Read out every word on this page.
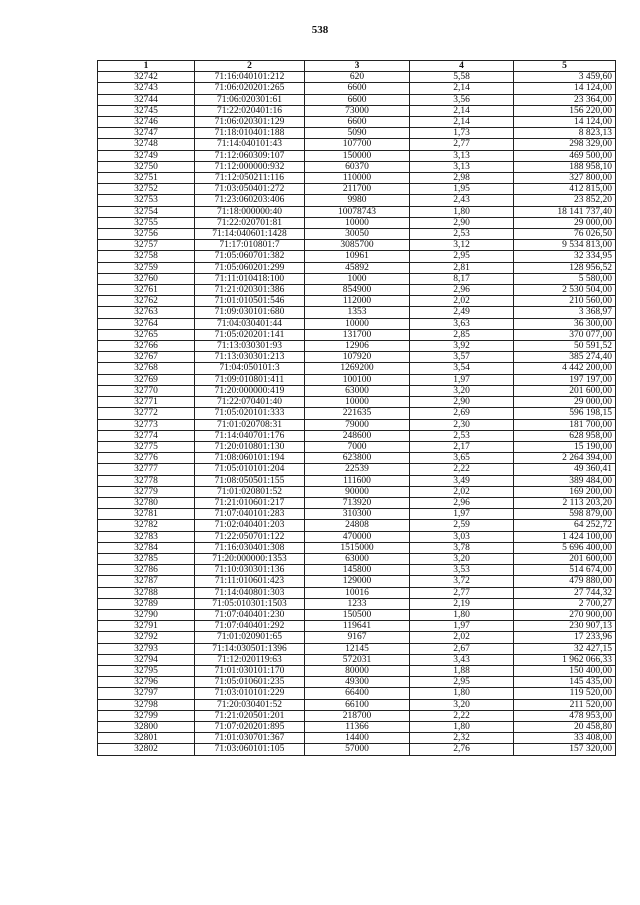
538
1	2	3	4	5
32742	71:16:040101:212	620	5,58	3 459,60
32743	71:06:020201:265	6600	2,14	14 124,00
32744	71:06:020301:61	6600	3,56	23 364,00
32745	71:22:020401:16	73000	2,14	156 220,00
32746	71:06:020301:129	6600	2,14	14 124,00
32747	71:18:010401:188	5090	1,73	8 823,13
32748	71:14:040101:43	107700	2,77	298 329,00
32749	71:12:060309:107	150000	3,13	469 500,00
32750	71:12:000000:932	60370	3,13	188 958,10
32751	71:12:050211:116	110000	2,98	327 800,00
32752	71:03:050401:272	211700	1,95	412 815,00
32753	71:23:060203:406	9980	2,43	23 852,20
32754	71:18:000000:40	10078743	1,80	18 141 737,40
32755	71:22:020701:81	10000	2,90	29 000,00
32756	71:14:040601:1428	30050	2,53	76 026,50
32757	71:17:010801:7	3085700	3,12	9 534 813,00
32758	71:05:060701:382	10961	2,95	32 334,95
32759	71:05:060201:299	45892	2,81	128 956,52
32760	71:11:010418:100	1000	8,17	5 580,00
32761	71:21:020301:386	854900	2,96	2 530 504,00
32762	71:01:010501:546	112000	2,02	210 560,00
32763	71:09:030101:680	1353	2,49	3 368,97
32764	71:04:030401:44	10000	3,63	36 300,00
32765	71:05:020201:141	131700	2,85	370 077,00
32766	71:13:030301:93	12906	3,92	50 591,52
32767	71:13:030301:213	107920	3,57	385 274,40
32768	71:04:050101:3	1269200	3,54	4 442 200,00
32769	71:09:010801:411	100100	1,97	197 197,00
32770	71:20:000000:419	63000	3,20	201 600,00
32771	71:22:070401:40	10000	2,90	29 000,00
32772	71:05:020101:333	221635	2,69	596 198,15
32773	71:01:020708:31	79000	2,30	181 700,00
32774	71:14:040701:176	248600	2,53	628 958,00
32775	71:20:010801:130	7000	2,17	15 190,00
32776	71:08:060101:194	623800	3,65	2 264 394,00
32777	71:05:010101:204	22539	2,22	49 360,41
32778	71:08:050501:155	111600	3,49	389 484,00
32779	71:01:020801:52	90000	2,02	169 200,00
32780	71:21:010601:217	713920	2,96	2 113 203,20
32781	71:07:040101:283	310300	1,97	598 879,00
32782	71:02:040401:203	24808	2,59	64 252,72
32783	71:22:050701:122	470000	3,03	1 424 100,00
32784	71:16:030401:308	1515000	3,78	5 696 400,00
32785	71:20:000000:1353	63000	3,20	201 600,00
32786	71:10:030301:136	145800	3,53	514 674,00
32787	71:11:010601:423	129000	3,72	479 880,00
32788	71:14:040801:303	10016	2,77	27 744,32
32789	71:05:010301:1503	1233	2,19	2 700,27
32790	71:07:040401:230	150500	1,80	270 900,00
32791	71:07:040401:292	119641	1,97	230 907,13
32792	71:01:020901:65	9167	2,02	17 233,96
32793	71:14:030501:1396	12145	2,67	32 427,15
32794	71:12:020119:63	572031	3,43	1 962 066,33
32795	71:01:030101:170	80000	1,88	150 400,00
32796	71:05:010601:235	49300	2,95	145 435,00
32797	71:03:010101:229	66400	1,80	119 520,00
32798	71:20:030401:52	66100	3,20	211 520,00
32799	71:21:020501:201	218700	2,22	478 953,00
32800	71:07:020201:895	11366	1,80	20 458,80
32801	71:01:030701:367	14400	2,32	33 408,00
32802	71:03:060101:105	57000	2,76	157 320,00
